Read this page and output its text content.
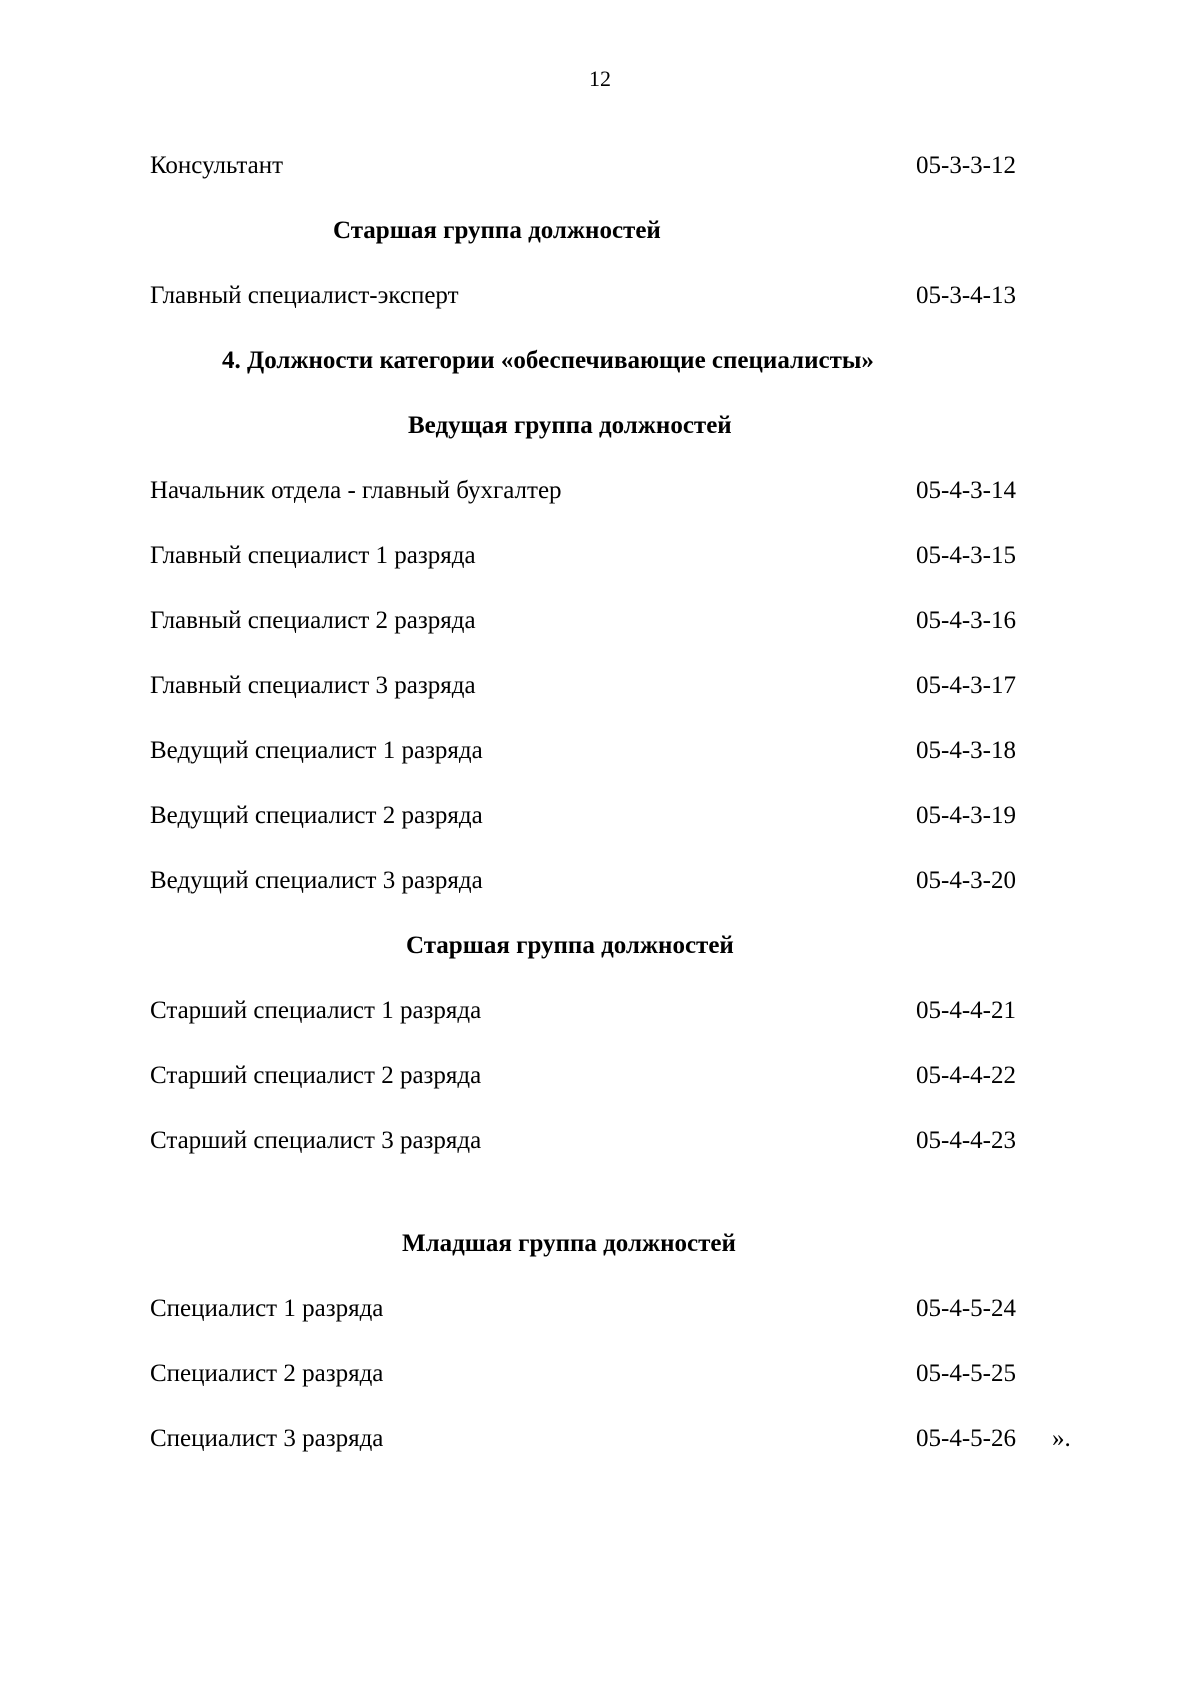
12
Консультант	05-3-3-12
Старшая группа должностей
Главный специалист-эксперт	05-3-4-13
4. Должности категории «обеспечивающие специалисты»
Ведущая группа должностей
Начальник отдела - главный бухгалтер	05-4-3-14
Главный специалист 1 разряда	05-4-3-15
Главный специалист 2 разряда	05-4-3-16
Главный специалист 3 разряда	05-4-3-17
Ведущий специалист 1 разряда	05-4-3-18
Ведущий специалист 2 разряда	05-4-3-19
Ведущий специалист 3 разряда	05-4-3-20
Старшая группа должностей
Старший специалист 1 разряда	05-4-4-21
Старший специалист 2 разряда	05-4-4-22
Старший специалист 3 разряда	05-4-4-23
Младшая группа должностей
Специалист 1 разряда	05-4-5-24
Специалист 2 разряда	05-4-5-25
Специалист 3 разряда	05-4-5-26 ».
